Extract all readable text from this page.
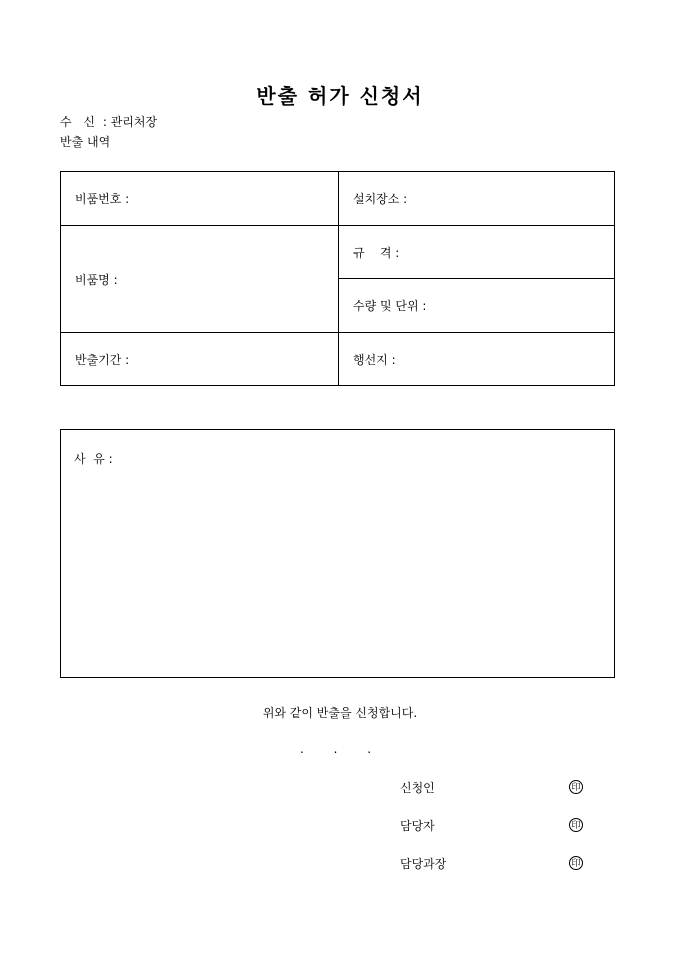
반출 허가 신청서
수 신 : 관리처장
반출 내역
비품번호 :	설치장소 :
비품명 :	규    격 :
	수량 및 단위 :
반출기간 :	행선지 :
사  유 :
위와 같이 반출을 신청합니다.
. . .
신청인	印
담당자	印
담당과장	印
